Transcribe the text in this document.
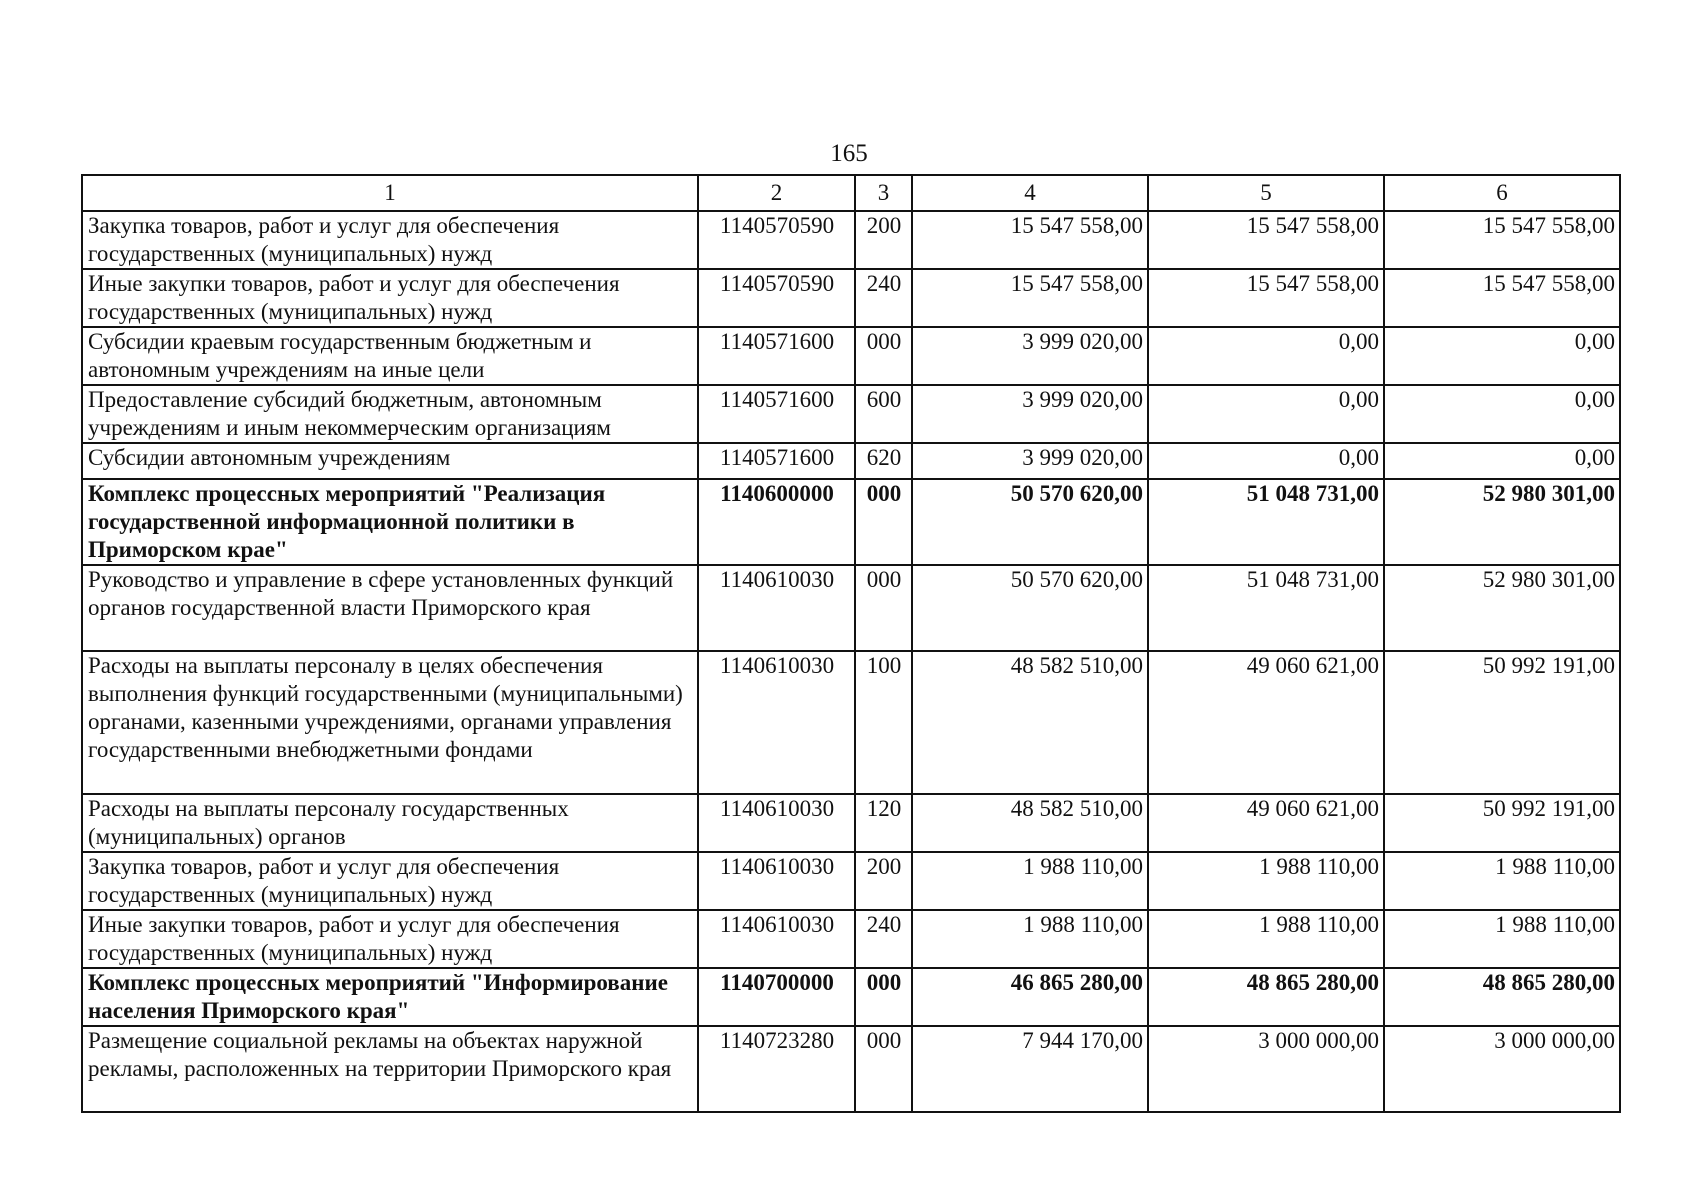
165
1	2	3	4	5	6
Закупка товаров, работ и услуг для обеспечения государственных (муниципальных) нужд	1140570590	200	15 547 558,00	15 547 558,00	15 547 558,00
Иные закупки товаров, работ и услуг для обеспечения государственных (муниципальных) нужд	1140570590	240	15 547 558,00	15 547 558,00	15 547 558,00
Субсидии краевым государственным бюджетным и автономным учреждениям на иные цели	1140571600	000	3 999 020,00	0,00	0,00
Предоставление субсидий бюджетным, автономным учреждениям и иным некоммерческим организациям	1140571600	600	3 999 020,00	0,00	0,00
Субсидии автономным учреждениям	1140571600	620	3 999 020,00	0,00	0,00
Комплекс процессных мероприятий "Реализация государственной информационной политики в Приморском крае"	1140600000	000	50 570 620,00	51 048 731,00	52 980 301,00
Руководство и управление в сфере установленных функций органов государственной власти Приморского края	1140610030	000	50 570 620,00	51 048 731,00	52 980 301,00
Расходы на выплаты персоналу в целях обеспечения выполнения функций государственными (муниципальными) органами, казенными учреждениями, органами управления государственными внебюджетными фондами	1140610030	100	48 582 510,00	49 060 621,00	50 992 191,00
Расходы на выплаты персоналу государственных (муниципальных) органов	1140610030	120	48 582 510,00	49 060 621,00	50 992 191,00
Закупка товаров, работ и услуг для обеспечения государственных (муниципальных) нужд	1140610030	200	1 988 110,00	1 988 110,00	1 988 110,00
Иные закупки товаров, работ и услуг для обеспечения государственных (муниципальных) нужд	1140610030	240	1 988 110,00	1 988 110,00	1 988 110,00
Комплекс процессных мероприятий "Информирование населения Приморского края"	1140700000	000	46 865 280,00	48 865 280,00	48 865 280,00
Размещение социальной рекламы на объектах наружной рекламы, расположенных на территории Приморского края	1140723280	000	7 944 170,00	3 000 000,00	3 000 000,00
